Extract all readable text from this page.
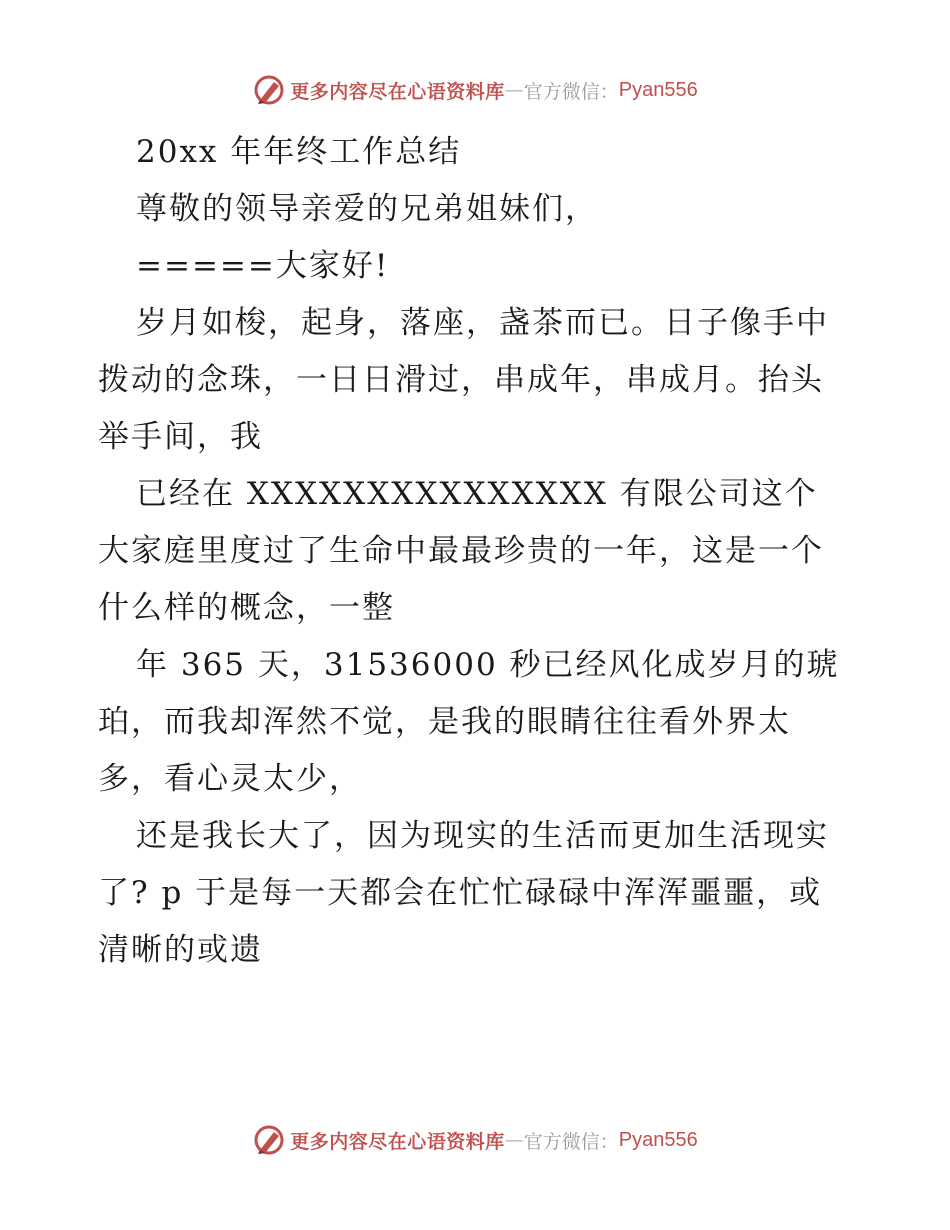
更多内容尽在心语资料库 — 官方微信： Pyan556

20xx 年年终工作总结

尊敬的领导亲爱的兄弟姐妹们，

=====大家好!

岁月如梭，起身，落座，盏茶而已。日子像手中拨动的念珠，一日日滑过，串成年，串成月。抬头举手间，我

已经在 XXXXXXXXXXXXXXX 有限公司这个大家庭里度过了生命中最最珍贵的一年，这是一个什么样的概念，一整

年 365 天，31536000 秒已经风化成岁月的琥珀，而我却浑然不觉，是我的眼睛往往看外界太多，看心灵太少，

还是我长大了，因为现实的生活而更加生活现实了? p 于是每一天都会在忙忙碌碌中浑浑噩噩，或清晰的或遗

更多内容尽在心语资料库 — 官方微信： Pyan556
